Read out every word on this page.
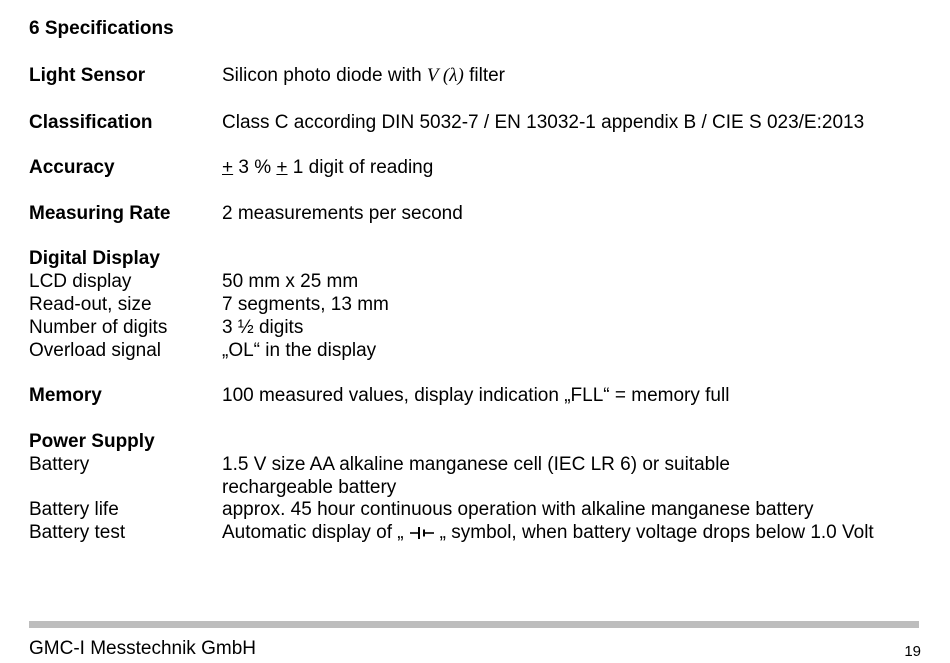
6 Specifications
Light Sensor	Silicon photo diode with V (λ) filter
Classification	Class C according DIN 5032-7 / EN 13032-1 appendix B / CIE S 023/E:2013
Accuracy	+ 3 % + 1 digit of reading
Measuring Rate	2 measurements per second
Digital Display
LCD display	50 mm x 25 mm
Read-out, size	7 segments, 13 mm
Number of digits	3 ½ digits
Overload signal	„OL“ in the display
Memory	100 measured values, display indication „FLL“ = memory full
Power Supply
Battery	1.5 V size AA alkaline manganese cell (IEC LR 6) or suitable
rechargeable battery
Battery life	approx. 45 hour continuous operation with alkaline manganese battery
Battery test	Automatic display of „ „ symbol, when battery voltage drops below 1.0 Volt
GMC-I Messtechnik GmbH	19
